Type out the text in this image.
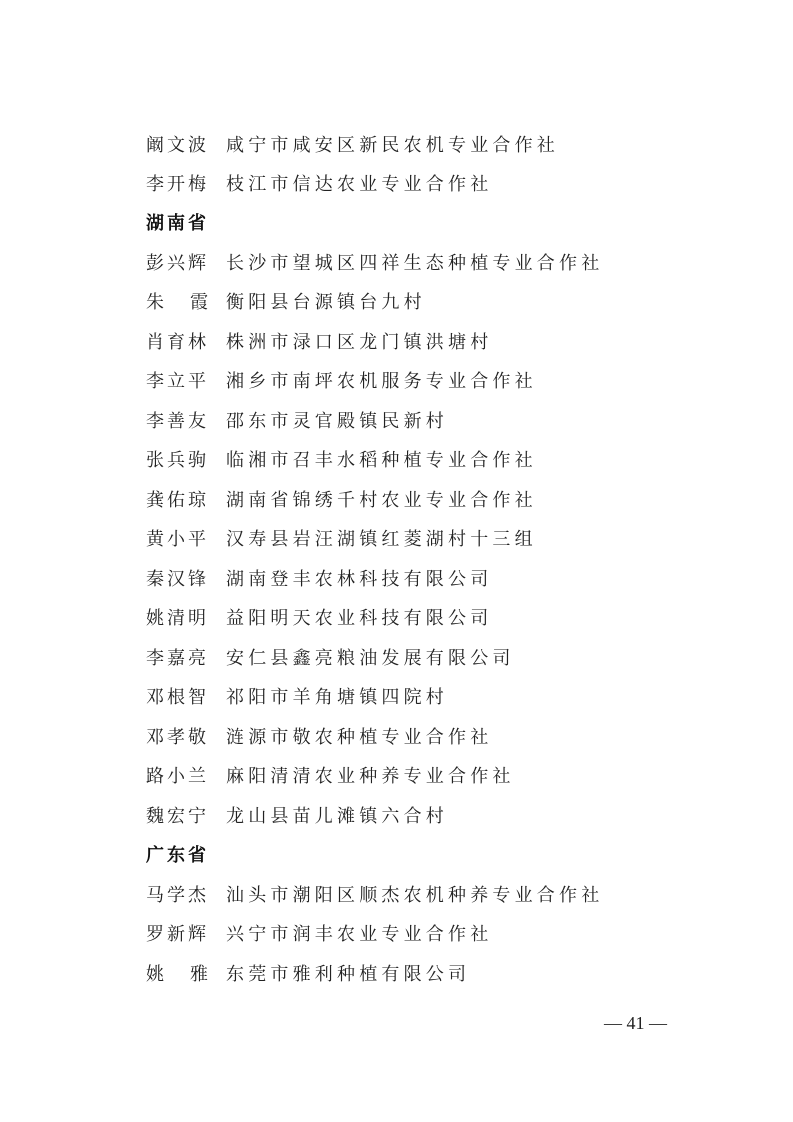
阚文波 咸宁市咸安区新民农机专业合作社
李开梅 枝江市信达农业专业合作社
湖南省
彭兴辉 长沙市望城区四祥生态种植专业合作社
朱 霞 衡阳县台源镇台九村
肖育林 株洲市渌口区龙门镇洪塘村
李立平 湘乡市南坪农机服务专业合作社
李善友 邵东市灵官殿镇民新村
张兵驹 临湘市召丰水稻种植专业合作社
龚佑琼 湖南省锦绣千村农业专业合作社
黄小平 汉寿县岩汪湖镇红菱湖村十三组
秦汉锋 湖南登丰农林科技有限公司
姚清明 益阳明天农业科技有限公司
李嘉亮 安仁县鑫亮粮油发展有限公司
邓根智 祁阳市羊角塘镇四院村
邓孝敬 涟源市敬农种植专业合作社
路小兰 麻阳清清农业种养专业合作社
魏宏宁 龙山县苗儿滩镇六合村
广东省
马学杰 汕头市潮阳区顺杰农机种养专业合作社
罗新辉 兴宁市润丰农业专业合作社
姚 雅 东莞市雅利种植有限公司
— 41 —
